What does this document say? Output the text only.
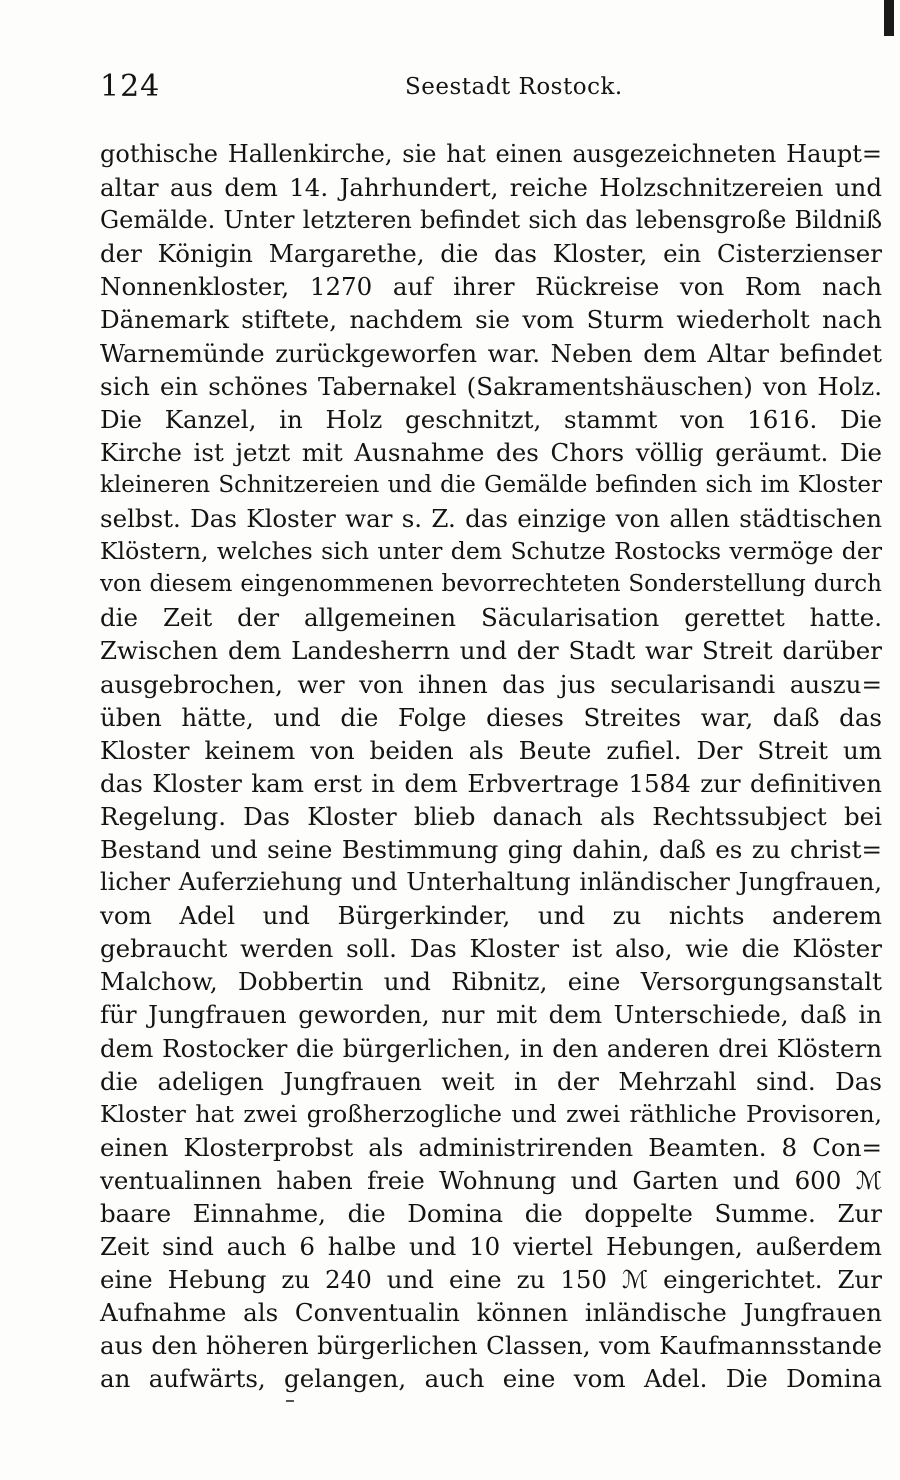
124	Seestadt Rostock.
gothische Hallenkirche, sie hat einen ausgezeichneten Haupt=
altar aus dem 14. Jahrhundert, reiche Holzschnitzereien und
Gemälde. Unter letzteren befindet sich das lebensgroße Bildniß
der Königin Margarethe, die das Kloster, ein Cisterzienser
Nonnenkloster, 1270 auf ihrer Rückreise von Rom nach
Dänemark stiftete, nachdem sie vom Sturm wiederholt nach
Warnemünde zurückgeworfen war. Neben dem Altar befindet
sich ein schönes Tabernakel (Sakramentshäuschen) von Holz.
Die Kanzel, in Holz geschnitzt, stammt von 1616. Die
Kirche ist jetzt mit Ausnahme des Chors völlig geräumt. Die
kleineren Schnitzereien und die Gemälde befinden sich im Kloster
selbst. Das Kloster war s. Z. das einzige von allen städtischen
Klöstern, welches sich unter dem Schutze Rostocks vermöge der
von diesem eingenommenen bevorrechteten Sonderstellung durch
die Zeit der allgemeinen Säcularisation gerettet hatte.
Zwischen dem Landesherrn und der Stadt war Streit darüber
ausgebrochen, wer von ihnen das jus secularisandi auszu=
üben hätte, und die Folge dieses Streites war, daß das
Kloster keinem von beiden als Beute zufiel. Der Streit um
das Kloster kam erst in dem Erbvertrage 1584 zur definitiven
Regelung. Das Kloster blieb danach als Rechtssubject bei
Bestand und seine Bestimmung ging dahin, daß es zu christ=
licher Auferziehung und Unterhaltung inländischer Jungfrauen,
vom Adel und Bürgerkinder, und zu nichts anderem
gebraucht werden soll. Das Kloster ist also, wie die Klöster
Malchow, Dobbertin und Ribnitz, eine Versorgungsanstalt
für Jungfrauen geworden, nur mit dem Unterschiede, daß in
dem Rostocker die bürgerlichen, in den anderen drei Klöstern
die adeligen Jungfrauen weit in der Mehrzahl sind. Das
Kloster hat zwei großherzogliche und zwei räthliche Provisoren,
einen Klosterprobst als administrirenden Beamten. 8 Con=
ventualinnen haben freie Wohnung und Garten und 600 ℳ
baare Einnahme, die Domina die doppelte Summe. Zur
Zeit sind auch 6 halbe und 10 viertel Hebungen, außerdem
eine Hebung zu 240 und eine zu 150 ℳ eingerichtet. Zur
Aufnahme als Conventualin können inländische Jungfrauen
aus den höheren bürgerlichen Classen, vom Kaufmannsstande
an aufwärts, gelangen, auch eine vom Adel. Die Domina
